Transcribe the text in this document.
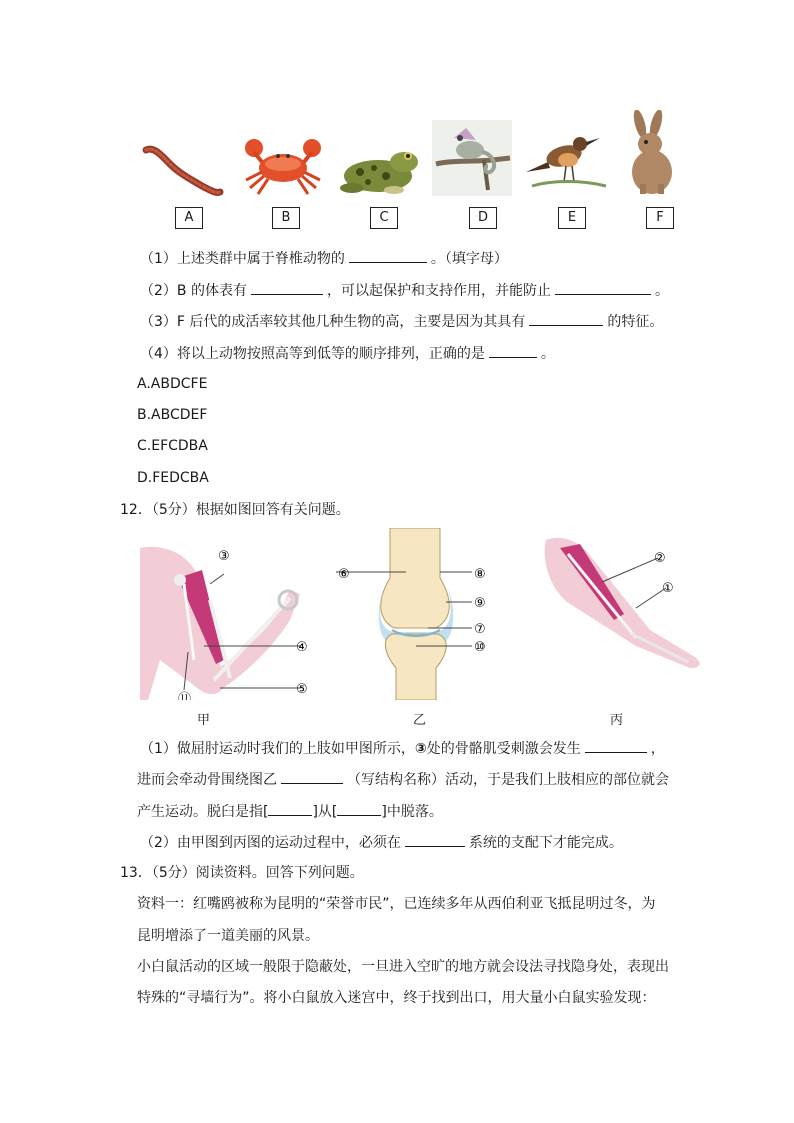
A	B	C	D	E	F
（1）上述类群中属于脊椎动物的	。（填字母）
（2）B 的体表有	，可以起保护和支持作用，并能防止	。
（3）F 后代的成活率较其他几种生物的高，主要是因为其具有	的特征。
（4）将以上动物按照高等到低等的顺序排列，正确的是	。
A.ABDCFE
B.ABCDEF
C.EFCDBA
D.FEDCBA
12．（5分）根据如图回答有关问题。
③
④
⑤
⑪
甲
⑥	⑧
⑨
⑦
⑩
乙
②
①
丙
（1）做屈肘运动时我们的上肢如甲图所示，③处的骨骼肌受刺激会发生	，
进而会牵动骨围绕图乙	（写结构名称）活动，于是我们上肢相应的部位就会
产生运动。脱臼是指[	]从[	]中脱落。
（2）由甲图到丙图的运动过程中，必须在	系统的支配下才能完成。
13．（5分）阅读资料。回答下列问题。
资料一：红嘴鸥被称为昆明的“荣誉市民”，已连续多年从西伯利亚飞抵昆明过冬，为
昆明增添了一道美丽的风景。
小白鼠活动的区域一般限于隐蔽处，一旦进入空旷的地方就会设法寻找隐身处，表现出
特殊的“寻墙行为”。将小白鼠放入迷宫中，终于找到出口，用大量小白鼠实验发现：
